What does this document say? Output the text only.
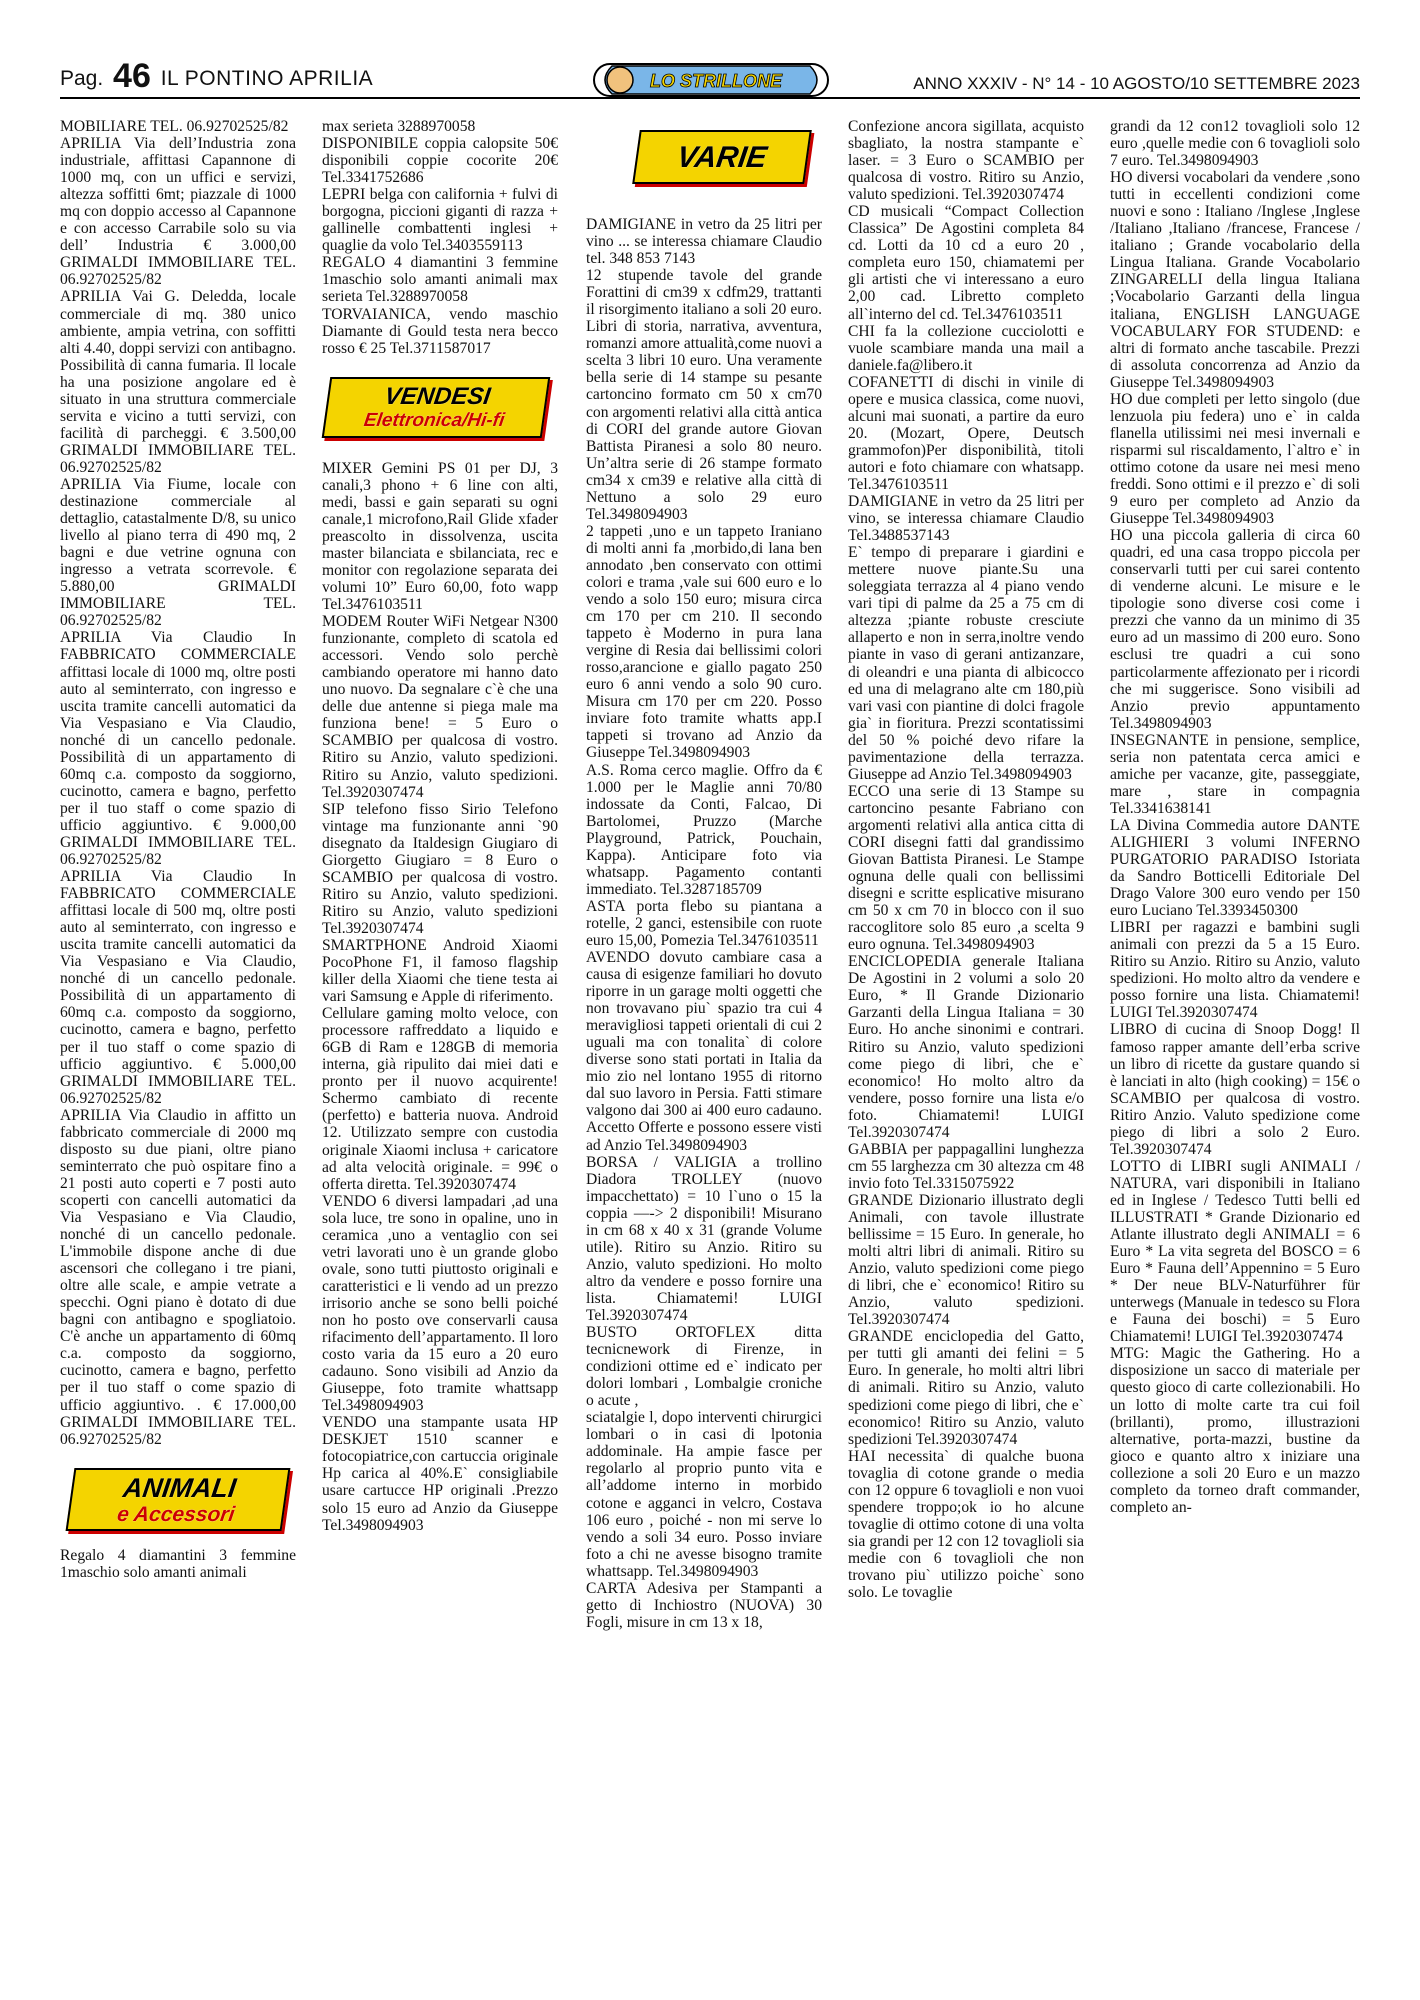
Pag. 46 IL PONTINO APRILIA	ANNO XXXIV - N° 14 - 10 AGOSTO/10 SETTEMBRE 2023
LO STRILLONE

MOBILIARE TEL. 06.92702525/82

APRILIA Via dell’Industria zona industriale, affittasi Capannone di 1000 mq, con un uffici e servizi, altezza soffitti 6mt; piazzale di 1000 mq con doppio accesso al Capannone e con accesso Carrabile solo su via dell’ Industria € 3.000,00 GRIMALDI IMMOBILIARE TEL. 06.92702525/82

APRILIA Vai G. Deledda, locale commerciale di mq. 380 unico ambiente, ampia vetrina, con soffitti alti 4.40, doppi servizi con antibagno. Possibilità di canna fumaria. Il locale ha una posizione angolare ed è situato in una struttura commerciale servita e vicino a tutti servizi, con facilità di parcheggi. € 3.500,00 GRIMALDI IMMOBILIARE TEL. 06.92702525/82

APRILIA Via Fiume, locale con destinazione commerciale al dettaglio, catastalmente D/8, su unico livello al piano terra di 490 mq, 2 bagni e due vetrine ognuna con ingresso a vetrata scorrevole. € 5.880,00 GRIMALDI IMMOBILIARE TEL. 06.92702525/82

APRILIA Via Claudio In FABBRICATO COMMERCIALE affittasi locale di 1000 mq, oltre posti auto al seminterrato, con ingresso e uscita tramite cancelli automatici da Via Vespasiano e Via Claudio, nonché di un cancello pedonale. Possibilità di un appartamento di 60mq c.a. composto da soggiorno, cucinotto, camera e bagno, perfetto per il tuo staff o come spazio di ufficio aggiuntivo. € 9.000,00 GRIMALDI IMMOBILIARE TEL. 06.92702525/82

APRILIA Via Claudio In FABBRICATO COMMERCIALE affittasi locale di 500 mq, oltre posti auto al seminterrato, con ingresso e uscita tramite cancelli automatici da Via Vespasiano e Via Claudio, nonché di un cancello pedonale. Possibilità di un appartamento di 60mq c.a. composto da soggiorno, cucinotto, camera e bagno, perfetto per il tuo staff o come spazio di ufficio aggiuntivo. € 5.000,00 GRIMALDI IMMOBILIARE TEL. 06.92702525/82

APRILIA Via Claudio in affitto un fabbricato commerciale di 2000 mq disposto su due piani, oltre piano seminterrato che può ospitare fino a 21 posti auto coperti e 7 posti auto scoperti con cancelli automatici da Via Vespasiano e Via Claudio, nonché di un cancello pedonale. L'immobile dispone anche di due ascensori che collegano i tre piani, oltre alle scale, e ampie vetrate a specchi. Ogni piano è dotato di due bagni con antibagno e spogliatoio. C'è anche un appartamento di 60mq c.a. composto da soggiorno, cucinotto, camera e bagno, perfetto per il tuo staff o come spazio di ufficio aggiuntivo. . € 17.000,00 GRIMALDI IMMOBILIARE TEL. 06.92702525/82

ANIMALI
e Accessori

Regalo 4 diamantini 3 femmine 1maschio solo amanti animali

max serieta 3288970058

DISPONIBILE coppia calopsite 50€ disponibili coppie cocorite 20€ Tel.3341752686

LEPRI belga con california + fulvi di borgogna, piccioni giganti di razza + gallinelle combattenti inglesi + quaglie da volo Tel.3403559113

REGALO 4 diamantini 3 femmine 1maschio solo amanti animali max serieta Tel.3288970058

TORVAIANICA, vendo maschio Diamante di Gould testa nera becco rosso € 25 Tel.3711587017

VENDESI
Elettronica/Hi-fi

MIXER Gemini PS 01 per DJ, 3 canali,3 phono + 6 line con alti, medi, bassi e gain separati su ogni canale,1 microfono,Rail Glide xfader preascolto in dissolvenza, uscita master bilanciata e sbilanciata, rec e monitor con regolazione separata dei volumi 10” Euro 60,00, foto wapp Tel.3476103511

MODEM Router WiFi Netgear N300 funzionante, completo di scatola ed accessori. Vendo solo perchè cambiando operatore mi hanno dato uno nuovo. Da segnalare c`è che una delle due antenne si piega male ma funziona bene! = 5 Euro o SCAMBIO per qualcosa di vostro. Ritiro su Anzio, valuto spedizioni. Ritiro su Anzio, valuto spedizioni. Tel.3920307474

SIP telefono fisso Sirio Telefono vintage ma funzionante anni `90 disegnato da Italdesign Giugiaro di Giorgetto Giugiaro = 8 Euro o SCAMBIO per qualcosa di vostro. Ritiro su Anzio, valuto spedizioni. Ritiro su Anzio, valuto spedizioni Tel.3920307474

SMARTPHONE Android Xiaomi PocoPhone F1, il famoso flagship killer della Xiaomi che tiene testa ai vari Samsung e Apple di riferimento.

Cellulare gaming molto veloce, con processore raffreddato a liquido e 6GB di Ram e 128GB di memoria interna, già ripulito dai miei dati e pronto per il nuovo acquirente! Schermo cambiato di recente (perfetto) e batteria nuova. Android 12. Utilizzato sempre con custodia originale Xiaomi inclusa + caricatore ad alta velocità originale. = 99€ o offerta diretta. Tel.3920307474

VENDO 6 diversi lampadari ,ad una sola luce, tre sono in opaline, uno in ceramica ,uno a ventaglio con sei vetri lavorati uno è un grande globo ovale, sono tutti piuttosto originali e caratteristici e li vendo ad un prezzo irrisorio anche se sono belli poiché non ho posto ove conservarli causa rifacimento dell’appartamento. Il loro costo varia da 15 euro a 20 euro cadauno. Sono visibili ad Anzio da Giuseppe, foto tramite whattsapp Tel.3498094903

VENDO una stampante usata HP DESKJET 1510 scanner e fotocopiatrice,con cartuccia originale Hp carica al 40%.E` consigliabile usare cartucce HP originali .Prezzo solo 15 euro ad Anzio da Giuseppe Tel.3498094903

VARIE

DAMIGIANE in vetro da 25 litri per vino ... se interessa chiamare Claudio tel. 348 853 7143

12 stupende tavole del grande Forattini di cm39 x cdfm29, trattanti il risorgimento italiano a soli 20 euro. Libri di storia, narrativa, avventura, romanzi amore attualità,come nuovi a scelta 3 libri 10 euro. Una veramente bella serie di 14 stampe su pesante cartoncino formato cm 50 x cm70 con argomenti relativi alla città antica di CORI del grande autore Giovan Battista Piranesi a solo 80 neuro. Un’altra serie di 26 stampe formato cm34 x cm39 e relative alla città di Nettuno a solo 29 euro Tel.3498094903

2 tappeti ,uno e un tappeto Iraniano di molti anni fa ,morbido,di lana ben annodato ,ben conservato con ottimi colori e trama ,vale sui 600 euro e lo vendo a solo 150 euro; misura circa cm 170 per cm 210. Il secondo tappeto è Moderno in pura lana vergine di Resia dai bellissimi colori rosso,arancione e giallo pagato 250 euro 6 anni vendo a solo 90 curo. Misura cm 170 per cm 220. Posso inviare foto tramite whatts app.I tappeti si trovano ad Anzio da Giuseppe Tel.3498094903

A.S. Roma cerco maglie. Offro da € 1.000 per le Maglie anni 70/80 indossate da Conti, Falcao, Di Bartolomei, Pruzzo (Marche Playground, Patrick, Pouchain, Kappa). Anticipare foto via whatsapp. Pagamento contanti immediato. Tel.3287185709

ASTA porta flebo su piantana a rotelle, 2 ganci, estensibile con ruote euro 15,00, Pomezia Tel.3476103511

AVENDO dovuto cambiare casa a causa di esigenze familiari ho dovuto riporre in un garage molti oggetti che non trovavano piu` spazio tra cui 4 meravigliosi tappeti orientali di cui 2 uguali ma con tonalita` di colore diverse sono stati portati in Italia da mio zio nel lontano 1955 di ritorno dal suo lavoro in Persia. Fatti stimare valgono dai 300 ai 400 euro cadauno. Accetto Offerte e possono essere visti ad Anzio Tel.3498094903

BORSA / VALIGIA a trollino Diadora TROLLEY (nuovo impacchettato) = 10 l`uno o 15 la coppia —-> 2 disponibili! Misurano in cm 68 x 40 x 31 (grande Volume utile). Ritiro su Anzio. Ritiro su Anzio, valuto spedizioni. Ho molto altro da vendere e posso fornire una lista. Chiamatemi! LUIGI Tel.3920307474

BUSTO ORTOFLEX ditta tecnicnework di Firenze, in condizioni ottime ed e` indicato per dolori lombari , Lombalgie croniche o acute ,

sciatalgie l, dopo interventi chirurgici lombari o in casi di lpotonia addominale. Ha ampie fasce per regolarlo al proprio punto vita e all’addome interno in morbido cotone e agganci in velcro, Costava 106 euro , poiché - non mi serve lo vendo a soli 34 euro. Posso inviare foto a chi ne avesse bisogno tramite whattsapp. Tel.3498094903

CARTA Adesiva per Stampanti a getto di Inchiostro (NUOVA) 30 Fogli, misure in cm 13 x 18,

Confezione ancora sigillata, acquisto sbagliato, la nostra stampante e` laser. = 3 Euro o SCAMBIO per qualcosa di vostro. Ritiro su Anzio, valuto spedizioni. Tel.3920307474

CD musicali “Compact Collection Classica” De Agostini completa 84 cd. Lotti da 10 cd a euro 20 , completa euro 150, chiamatemi per gli artisti che vi interessano a euro 2,00 cad. Libretto completo all`interno del cd. Tel.3476103511

CHI fa la collezione cucciolotti e vuole scambiare manda una mail a daniele.fa@libero.it

COFANETTI di dischi in vinile di opere e musica classica, come nuovi, alcuni mai suonati, a partire da euro 20. (Mozart, Opere, Deutsch grammofon)Per disponibilità, titoli autori e foto chiamare con whatsapp. Tel.3476103511

DAMIGIANE in vetro da 25 litri per vino, se interessa chiamare Claudio Tel.3488537143

E` tempo di preparare i giardini e mettere nuove piante.Su una soleggiata terrazza al 4 piano vendo vari tipi di palme da 25 a 75 cm di altezza ;piante robuste cresciute allaperto e non in serra,inoltre vendo piante in vaso di gerani antizanzare, di oleandri e una pianta di albicocco ed una di melagrano alte cm 180,più vari vasi con piantine di dolci fragole gia` in fioritura. Prezzi scontatissimi del 50 % poiché devo rifare la pavimentazione della terrazza. Giuseppe ad Anzio Tel.3498094903

ECCO una serie di 13 Stampe su cartoncino pesante Fabriano con argomenti relativi alla antica citta di CORI disegni fatti dal grandissimo Giovan Battista Piranesi. Le Stampe ognuna delle quali con bellissimi disegni e scritte esplicative misurano cm 50 x cm 70 in blocco con il suo raccoglitore solo 85 euro ,a scelta 9 euro ognuna. Tel.3498094903

ENCICLOPEDIA generale Italiana De Agostini in 2 volumi a solo 20 Euro, * Il Grande Dizionario Garzanti della Lingua Italiana = 30 Euro. Ho anche sinonimi e contrari. Ritiro su Anzio, valuto spedizioni come piego di libri, che e` economico! Ho molto altro da vendere, posso fornire una lista e/o foto. Chiamatemi! LUIGI Tel.3920307474

GABBIA per pappagallini lunghezza cm 55 larghezza cm 30 altezza cm 48 invio foto Tel.3315075922

GRANDE Dizionario illustrato degli Animali, con tavole illustrate bellissime = 15 Euro. In generale, ho molti altri libri di animali. Ritiro su Anzio, valuto spedizioni come piego di libri, che e` economico! Ritiro su Anzio, valuto spedizioni. Tel.3920307474

GRANDE enciclopedia del Gatto, per tutti gli amanti dei felini = 5 Euro. In generale, ho molti altri libri di animali. Ritiro su Anzio, valuto spedizioni come piego di libri, che e` economico! Ritiro su Anzio, valuto spedizioni Tel.3920307474

HAI necessita` di qualche buona tovaglia di cotone grande o media con 12 oppure 6 tovaglioli e non vuoi spendere troppo;ok io ho alcune tovaglie di ottimo cotone di una volta sia grandi per 12 con 12 tovaglioli sia medie con 6 tovaglioli che non trovano piu` utilizzo poiche` sono solo. Le tovaglie

grandi da 12 con12 tovaglioli solo 12 euro ,quelle medie con 6 tovaglioli solo 7 euro. Tel.3498094903

HO diversi vocabolari da vendere ,sono tutti in eccellenti condizioni come nuovi e sono : Italiano /Inglese ,Inglese /Italiano ,Italiano /francese, Francese / italiano ; Grande vocabolario della Lingua Italiana. Grande Vocabolario ZINGARELLI della lingua Italiana ;Vocabolario Garzanti della lingua italiana, ENGLISH LANGUAGE VOCABULARY FOR STUDEND: e altri di formato anche tascabile. Prezzi di assoluta concorrenza ad Anzio da Giuseppe Tel.3498094903

HO due completi per letto singolo (due lenzuola piu federa) uno e` in calda flanella utilissimi nei mesi invernali e risparmi sul riscaldamento, l`altro e` in ottimo cotone da usare nei mesi meno freddi. Sono ottimi e il prezzo e` di soli 9 euro per completo ad Anzio da Giuseppe Tel.3498094903

HO una piccola galleria di circa 60 quadri, ed una casa troppo piccola per conservarli tutti per cui sarei contento di venderne alcuni. Le misure e le tipologie sono diverse cosi come i prezzi che vanno da un minimo di 35 euro ad un massimo di 200 euro. Sono esclusi tre quadri a cui sono particolarmente affezionato per i ricordi che mi suggerisce. Sono visibili ad Anzio previo appuntamento Tel.3498094903

INSEGNANTE in pensione, semplice, seria non patentata cerca amici e amiche per vacanze, gite, passeggiate, mare , stare in compagnia Tel.3341638141

LA Divina Commedia autore DANTE ALIGHIERI 3 volumi INFERNO PURGATORIO PARADISO Istoriata da Sandro Botticelli Editoriale Del Drago Valore 300 euro vendo per 150 euro Luciano Tel.3393450300

LIBRI per ragazzi e bambini sugli animali con prezzi da 5 a 15 Euro. Ritiro su Anzio. Ritiro su Anzio, valuto spedizioni. Ho molto altro da vendere e posso fornire una lista. Chiamatemi! LUIGI Tel.3920307474

LIBRO di cucina di Snoop Dogg! Il famoso rapper amante dell’erba scrive un libro di ricette da gustare quando si è lanciati in alto (high cooking) = 15€ o SCAMBIO per qualcosa di vostro. Ritiro Anzio. Valuto spedizione come piego di libri a solo 2 Euro. Tel.3920307474

LOTTO di LIBRI sugli ANIMALI / NATURA, vari disponibili in Italiano ed in Inglese / Tedesco Tutti belli ed ILLUSTRATI * Grande Dizionario ed Atlante illustrato degli ANIMALI = 6 Euro * La vita segreta del BOSCO = 6 Euro * Fauna dell’Appennino = 5 Euro * Der neue BLV-Naturführer für unterwegs (Manuale in tedesco su Flora e Fauna dei boschi) = 5 Euro Chiamatemi! LUIGI Tel.3920307474

MTG: Magic the Gathering. Ho a disposizione un sacco di materiale per questo gioco di carte collezionabili. Ho un lotto di molte carte tra cui foil (brillanti), promo, illustrazioni alternative, porta-mazzi, bustine da gioco e quanto altro x iniziare una collezione a soli 20 Euro e un mazzo completo da torneo draft commander, completo an-
